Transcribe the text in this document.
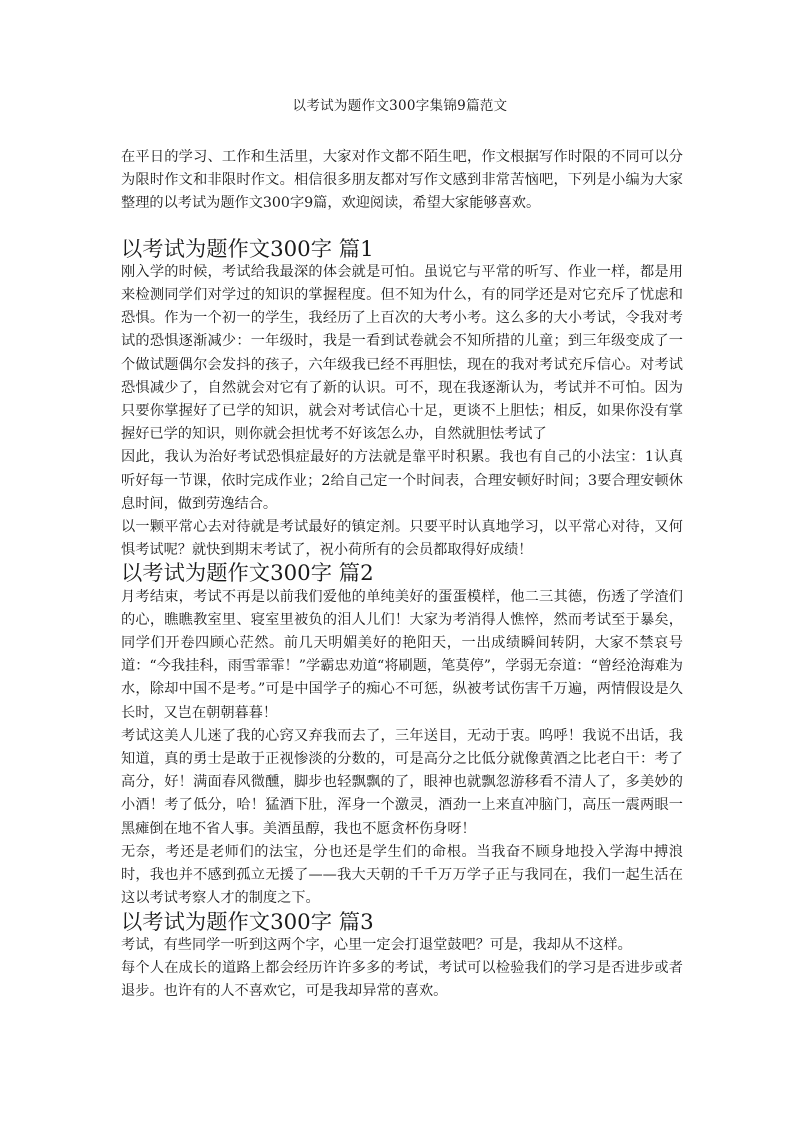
以考试为题作文300字集锦9篇范文

在平日的学习、工作和生活里，大家对作文都不陌生吧，作文根据写作时限的不同可以分为限时作文和非限时作文。相信很多朋友都对写作文感到非常苦恼吧，下列是小编为大家整理的以考试为题作文300字9篇，欢迎阅读，希望大家能够喜欢。

以考试为题作文300字 篇1

刚入学的时候，考试给我最深的体会就是可怕。虽说它与平常的听写、作业一样，都是用来检测同学们对学过的知识的掌握程度。但不知为什么，有的同学还是对它充斥了忧虑和恐惧。作为一个初一的学生，我经历了上百次的大考小考。这么多的大小考试，令我对考试的恐惧逐渐减少：一年级时，我是一看到试卷就会不知所措的儿童；到三年级变成了一个做试题偶尔会发抖的孩子，六年级我已经不再胆怯，现在的我对考试充斥信心。对考试恐惧减少了，自然就会对它有了新的认识。可不，现在我逐渐认为，考试并不可怕。因为只要你掌握好了已学的知识，就会对考试信心十足，更谈不上胆怯；相反，如果你没有掌握好已学的知识，则你就会担忧考不好该怎么办，自然就胆怯考试了

因此，我认为治好考试恐惧症最好的方法就是靠平时积累。我也有自己的小法宝：1认真听好每一节课，依时完成作业；2给自己定一个时间表，合理安顿好时间；3要合理安顿休息时间，做到劳逸结合。

以一颗平常心去对待就是考试最好的镇定剂。只要平时认真地学习，以平常心对待，又何惧考试呢？就快到期末考试了，祝小荷所有的会员都取得好成绩！

以考试为题作文300字 篇2

月考结束，考试不再是以前我们爱他的单纯美好的蛋蛋模样，他二三其德，伤透了学渣们的心，瞧瞧教室里、寝室里被负的泪人儿们！大家为考消得人憔悴，然而考试至于暴矣，同学们开卷四顾心茫然。前几天明媚美好的艳阳天，一出成绩瞬间转阴，大家不禁哀号道：“今我挂科，雨雪霏霏！”学霸忠劝道“将刷题，笔莫停”，学弱无奈道：“曾经沧海难为水，除却中国不是考。”可是中国学子的痴心不可惩，纵被考试伤害千万遍，两情假设是久长时，又岂在朝朝暮暮！

考试这美人儿迷了我的心窍又弃我而去了，三年送目，无动于衷。呜呼！我说不出话，我知道，真的勇士是敢于正视惨淡的分数的，可是高分之比低分就像黄酒之比老白干：考了高分，好！满面春风微醺，脚步也轻飘飘的了，眼神也就飘忽游移看不清人了，多美妙的小酒！考了低分，哈！猛酒下肚，浑身一个激灵，酒劲一上来直冲脑门，高压一震两眼一黑瘫倒在地不省人事。美酒虽醇，我也不愿贪杯伤身呀！

无奈，考还是老师们的法宝，分也还是学生们的命根。当我奋不顾身地投入学海中搏浪时，我也并不感到孤立无援了——我大天朝的千千万万学子正与我同在，我们一起生活在这以考试考察人才的制度之下。

以考试为题作文300字 篇3

考试，有些同学一听到这两个字，心里一定会打退堂鼓吧？可是，我却从不这样。

每个人在成长的道路上都会经历许许多多的考试，考试可以检验我们的学习是否进步或者退步。也许有的人不喜欢它，可是我却异常的喜欢。
